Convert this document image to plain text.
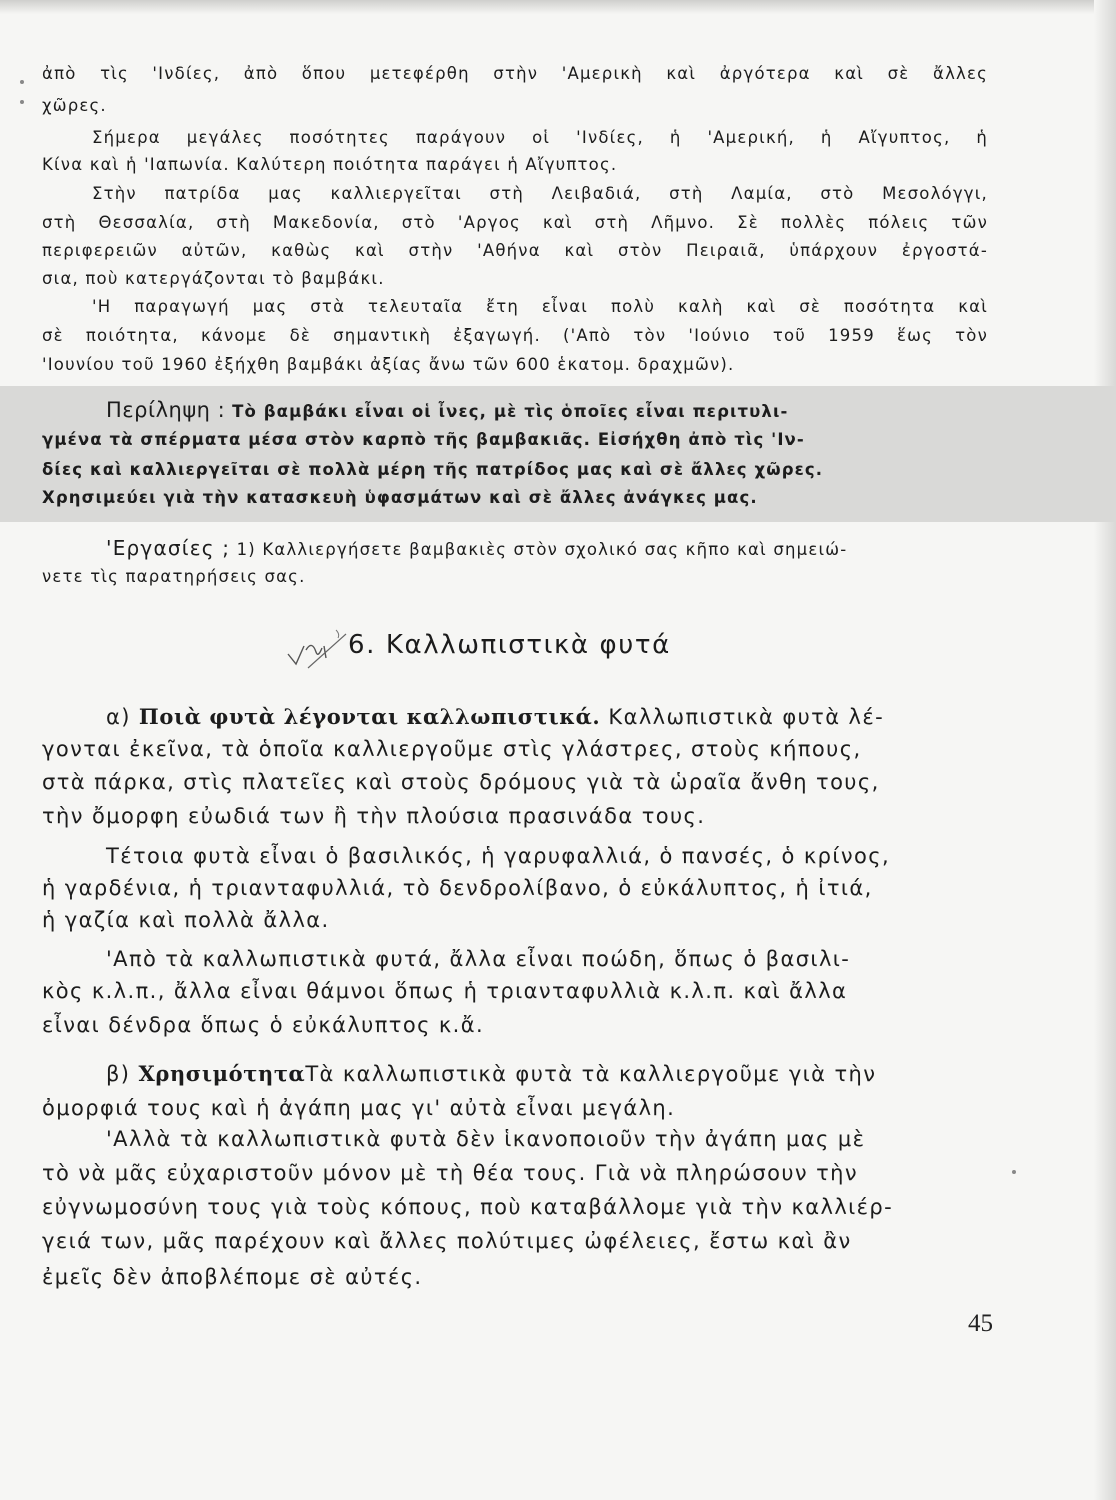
ἀπὸ τὶς 'Ινδίες, ἀπὸ ὅπου μετεφέρθη στὴν 'Αμερικὴ καὶ ἀργότερα καὶ σὲ ἄλλες
χῶρες.
Σήμερα μεγάλες ποσότητες παράγουν οἱ 'Ινδίες, ἡ 'Αμερική, ἡ Αἴγυπτος, ἡ
Κίνα καὶ ἡ 'Ιαπωνία. Καλύτερη ποιότητα παράγει ἡ Αἴγυπτος.
Στὴν πατρίδα μας καλλιεργεῖται στὴ Λειβαδιά, στὴ Λαμία, στὸ Μεσολόγγι,
στὴ Θεσσαλία, στὴ Μακεδονία, στὸ 'Αργος καὶ στὴ Λῆμνο. Σὲ πολλὲς πόλεις τῶν
περιφερειῶν αὐτῶν, καθὼς καὶ στὴν 'Αθήνα καὶ στὸν Πειραιᾶ, ὑπάρχουν ἐργοστά-
σια, ποὺ κατεργάζονται τὸ βαμβάκι.
'Η παραγωγή μας στὰ τελευταῖα ἔτη εἶναι πολὺ καλὴ καὶ σὲ ποσότητα καὶ
σὲ ποιότητα, κάνομε δὲ σημαντικὴ ἐξαγωγή. ('Απὸ τὸν 'Ιούνιο τοῦ 1959 ἕως τὸν
'Ιουνίου τοῦ 1960 ἐξήχθη βαμβάκι ἀξίας ἄνω τῶν 600 ἑκατομ. δραχμῶν).
Περίληψη : Τὸ βαμβάκι εἶναι οἱ ἶνες, μὲ τὶς ὁποῖες εἶναι περιτυλι-
γμένα τὰ σπέρματα μέσα στὸν καρπὸ τῆς βαμβακιᾶς. Εἰσήχθη ἀπὸ τὶς 'Ιν-
δίες καὶ καλλιεργεῖται σὲ πολλὰ μέρη τῆς πατρίδος μας καὶ σὲ ἄλλες χῶρες.
Χρησιμεύει γιὰ τὴν κατασκευὴ ὑφασμάτων καὶ σὲ ἄλλες ἀνάγκες μας.
'Εργασίες ; 1) Καλλιεργήσετε βαμβακιὲς στὸν σχολικό σας κῆπο καὶ σημειώ-
νετε τὶς παρατηρήσεις σας.
6. Καλλωπιστικὰ φυτά
α) Ποιὰ φυτὰ λέγονται καλλωπιστικά. Καλλωπιστικὰ φυτὰ λέ-
γονται ἐκεῖνα, τὰ ὁποῖα καλλιεργοῦμε στὶς γλάστρες, στοὺς κήπους,
στὰ πάρκα, στὶς πλατεῖες καὶ στοὺς δρόμους γιὰ τὰ ὡραῖα ἄνθη τους,
τὴν ὄμορφη εὐωδιά των ἢ τὴν πλούσια πρασινάδα τους.
Τέτοια φυτὰ εἶναι ὁ βασιλικός, ἡ γαρυφαλλιά, ὁ πανσές, ὁ κρίνος,
ἡ γαρδένια, ἡ τριανταφυλλιά, τὸ δενδρολίβανο, ὁ εὐκάλυπτος, ἡ ἰτιά,
ἡ γαζία καὶ πολλὰ ἄλλα.
'Απὸ τὰ καλλωπιστικὰ φυτά, ἄλλα εἶναι ποώδη, ὅπως ὁ βασιλι-
κὸς κ.λ.π., ἄλλα εἶναι θάμνοι ὅπως ἡ τριανταφυλλιὰ κ.λ.π. καὶ ἄλλα
εἶναι δένδρα ὅπως ὁ εὐκάλυπτος κ.ἄ.
β) ΧρησιμότηταΤὰ καλλωπιστικὰ φυτὰ τὰ καλλιεργοῦμε γιὰ τὴν
ὀμορφιά τους καὶ ἡ ἀγάπη μας γι' αὐτὰ εἶναι μεγάλη.
'Αλλὰ τὰ καλλωπιστικὰ φυτὰ δὲν ἱκανοποιοῦν τὴν ἀγάπη μας μὲ
τὸ νὰ μᾶς εὐχαριστοῦν μόνον μὲ τὴ θέα τους. Γιὰ νὰ πληρώσουν τὴν
εὐγνωμοσύνη τους γιὰ τοὺς κόπους, ποὺ καταβάλλομε γιὰ τὴν καλλιέρ-
γειά των, μᾶς παρέχουν καὶ ἄλλες πολύτιμες ὠφέλειες, ἔστω καὶ ἂν
ἐμεῖς δὲν ἀποβλέπομε σὲ αὐτές.
45
